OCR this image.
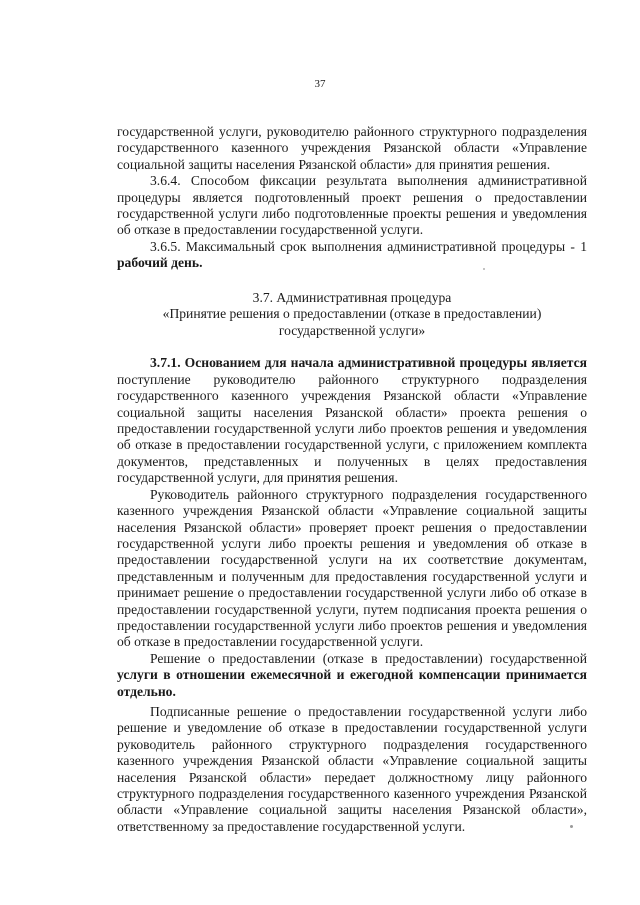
37

государственной услуги, руководителю районного структурного подразделения государственного казенного учреждения Рязанской области «Управление социальной защиты населения Рязанской области» для принятия решения.

3.6.4. Способом фиксации результата выполнения административной процедуры является подготовленный проект решения о предоставлении государственной услуги либо подготовленные проекты решения и уведомления об отказе в предоставлении государственной услуги.

3.6.5. Максимальный срок выполнения административной процедуры - 1 рабочий день.

3.7. Административная процедура
«Принятие решения о предоставлении (отказе в предоставлении)
государственной услуги»

3.7.1. Основанием для начала административной процедуры является поступление руководителю районного структурного подразделения государственного казенного учреждения Рязанской области «Управление социальной защиты населения Рязанской области» проекта решения о предоставлении государственной услуги либо проектов решения и уведомления об отказе в предоставлении государственной услуги, с приложением комплекта документов, представленных и полученных в целях предоставления государственной услуги, для принятия решения.

Руководитель районного структурного подразделения государственного казенного учреждения Рязанской области «Управление социальной защиты населения Рязанской области» проверяет проект решения о предоставлении государственной услуги либо проекты решения и уведомления об отказе в предоставлении государственной услуги на их соответствие документам, представленным и полученным для предоставления государственной услуги и принимает решение о предоставлении государственной услуги либо об отказе в предоставлении государственной услуги, путем подписания проекта решения о предоставлении государственной услуги либо проектов решения и уведомления об отказе в предоставлении государственной услуги.

Решение о предоставлении (отказе в предоставлении) государственной услуги в отношении ежемесячной и ежегодной компенсации принимается отдельно.

Подписанные решение о предоставлении государственной услуги либо решение и уведомление об отказе в предоставлении государственной услуги руководитель районного структурного подразделения государственного казенного учреждения Рязанской области «Управление социальной защиты населения Рязанской области» передает должностному лицу районного структурного подразделения государственного казенного учреждения Рязанской области «Управление социальной защиты населения Рязанской области», ответственному за предоставление государственной услуги.
